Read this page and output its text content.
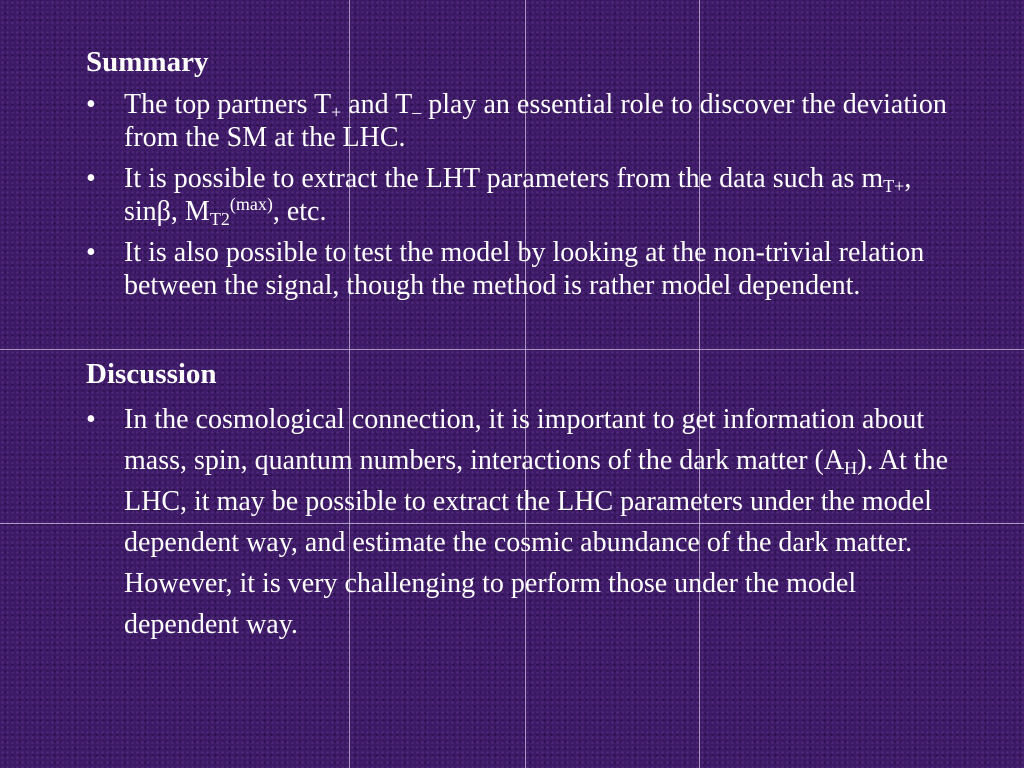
Summary
• The top partners $T_+$ and $T_-$ play an essential role to discover the deviation from the SM at the LHC.
• It is possible to extract the LHT parameters from the data such as $m_{T+}$, sinβ, $M_{T2}^{(max)}$, etc.
• It is also possible to test the model by looking at the non-trivial relation between the signal, though the method is rather model dependent.
Discussion
• In the cosmological connection, it is important to get information about mass, spin, quantum numbers, interactions of the dark matter $(A_H)$. At the LHC, it may be possible to extract the LHC parameters under the model dependent way, and estimate the cosmic abundance of the dark matter. However, it is very challenging to perform those under the model dependent way.
